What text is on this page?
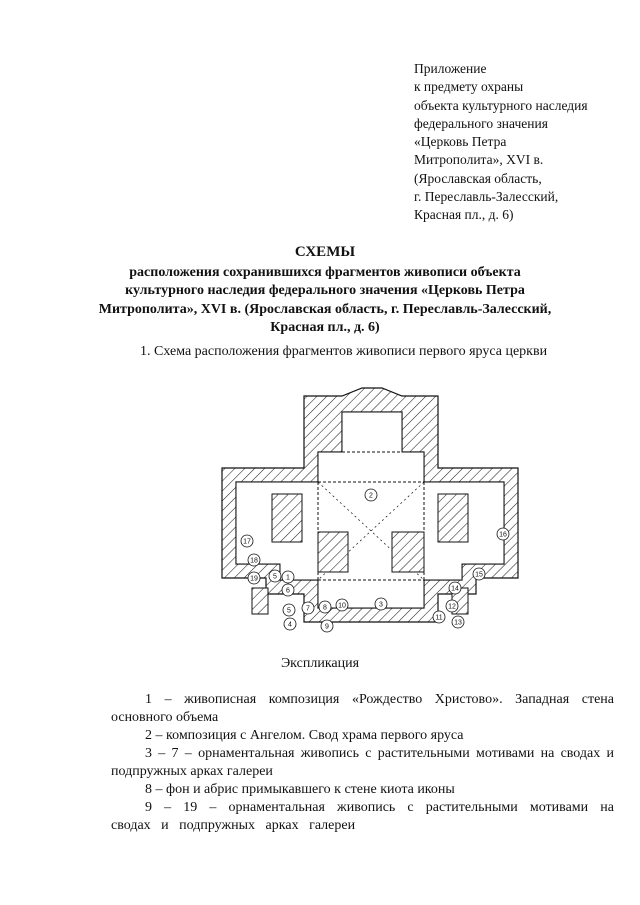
Приложение
к предмету охраны
объекта культурного наследия
федерального значения
«Церковь Петра
Митрополита», XVI в.
(Ярославская область,
г. Переславль-Залесский,
Красная пл., д. 6)
СХЕМЫ
расположения сохранившихся фрагментов живописи объекта
культурного наследия федерального значения «Церковь Петра
Митрополита», XVI в. (Ярославская область, г. Переславль-Залесский,
Красная пл., д. 6)
1. Схема расположения фрагментов живописи первого яруса церкви
2
16
17
18
19 5 1
6	14
15
3	12
11
13
5 7 8 10
4	9
Экспликация

1 – живописная композиция «Рождество Христово». Западная стена основного объема

2 – композиция с Ангелом. Свод храма первого яруса

3 – 7 – орнаментальная живопись с растительными мотивами на сводах и подпружных арках галереи

8 – фон и абрис примыкавшего к стене киота иконы

9 – 19 – орнаментальная живопись с растительными мотивами на сводах и подпружных арках галереи
